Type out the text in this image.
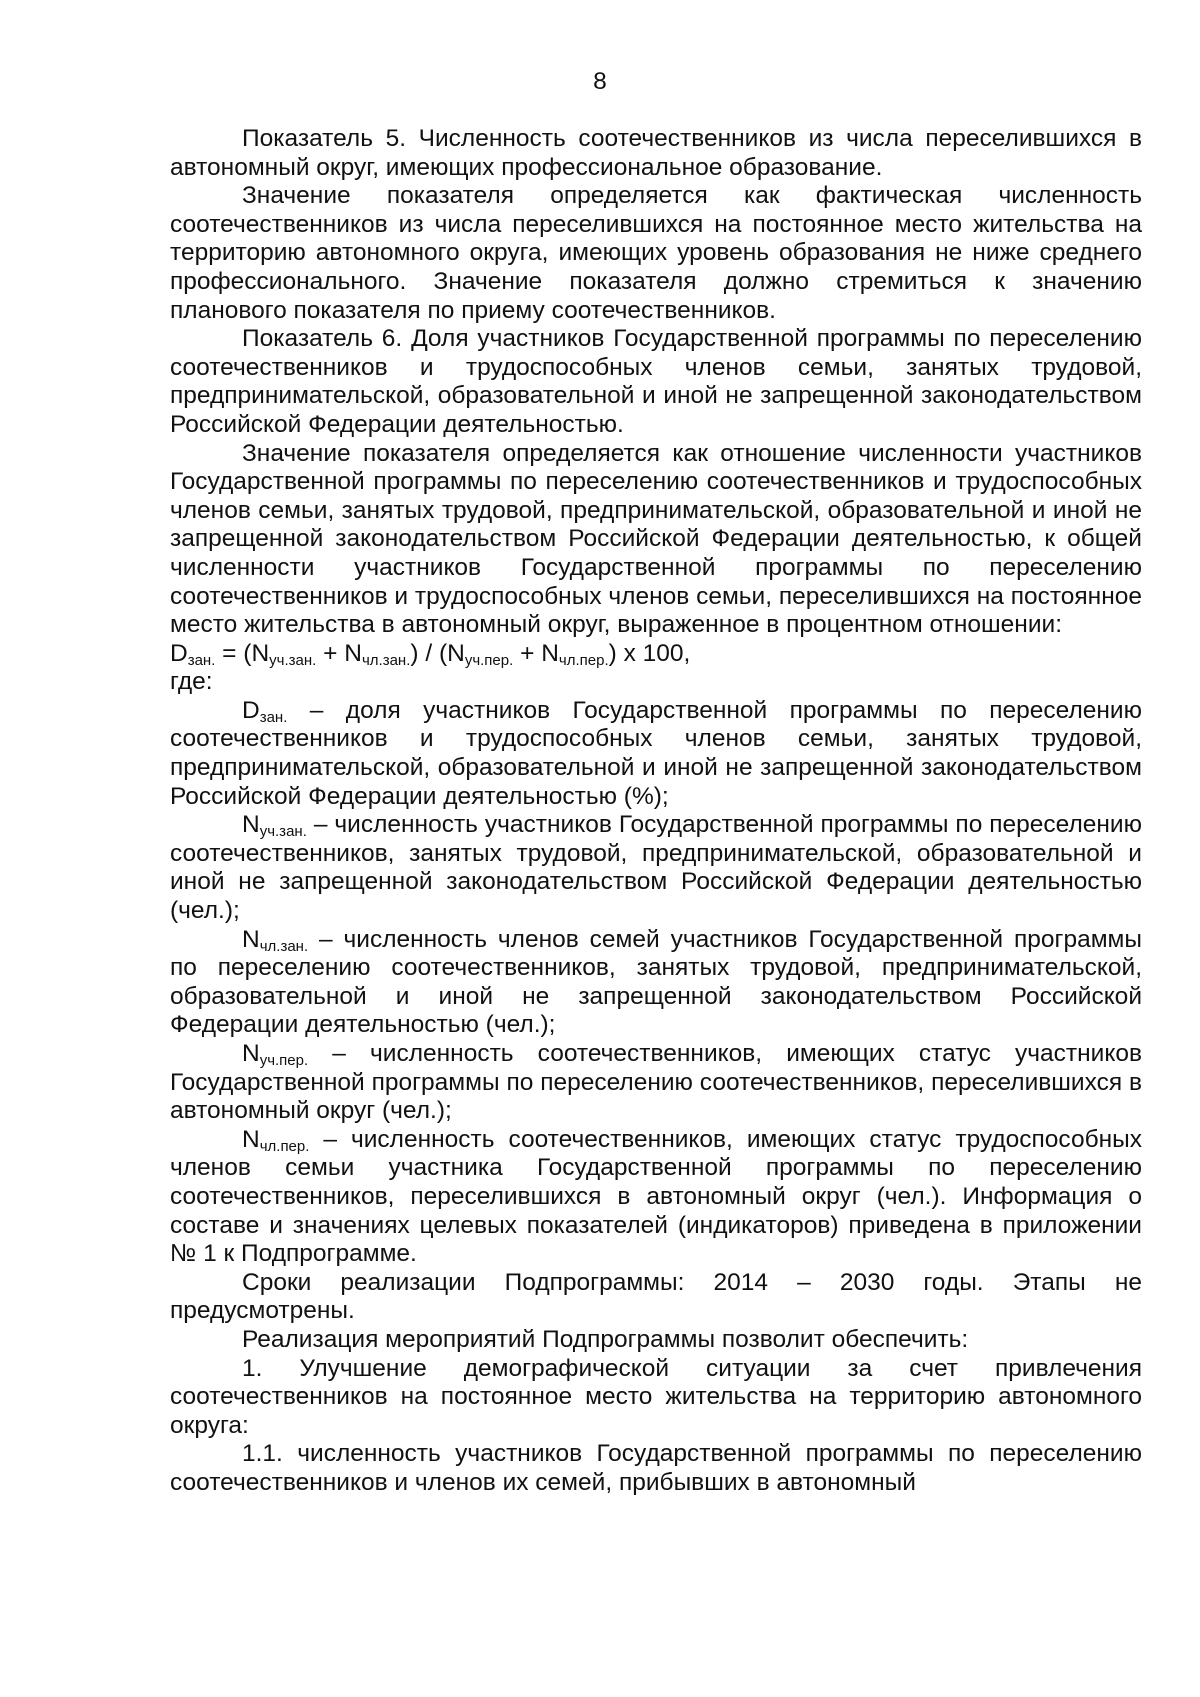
8

Показатель 5. Численность соотечественников из числа переселившихся в автономный округ, имеющих профессиональное образование.

Значение показателя определяется как фактическая численность соотечественников из числа переселившихся на постоянное место жительства на территорию автономного округа, имеющих уровень образования не ниже среднего профессионального. Значение показателя должно стремиться к значению планового показателя по приему соотечественников.

Показатель 6. Доля участников Государственной программы по переселению соотечественников и трудоспособных членов семьи, занятых трудовой, предпринимательской, образовательной и иной не запрещенной законодательством Российской Федерации деятельностью.

Значение показателя определяется как отношение численности участников Государственной программы по переселению соотечественников и трудоспособных членов семьи, занятых трудовой, предпринимательской, образовательной и иной не запрещенной законодательством Российской Федерации деятельностью, к общей численности участников Государственной программы по переселению соотечественников и трудоспособных членов семьи, переселившихся на постоянное место жительства в автономный округ, выраженное в процентном отношении:

$D_{зан.} = (N_{уч.зан.} + N_{чл.зан.}) / (N_{уч.пер.} + N_{чл.пер.})$ x 100,

где:

$D_{зан.}$ – доля участников Государственной программы по переселению соотечественников и трудоспособных членов семьи, занятых трудовой, предпринимательской, образовательной и иной не запрещенной законодательством Российской Федерации деятельностью (%);

$N_{уч.зан.}$ – численность участников Государственной программы по переселению соотечественников, занятых трудовой, предпринимательской, образовательной и иной не запрещенной законодательством Российской Федерации деятельностью (чел.);

$N_{чл.зан.}$ – численность членов семей участников Государственной программы по переселению соотечественников, занятых трудовой, предпринимательской, образовательной и иной не запрещенной законодательством Российской Федерации деятельностью (чел.);

$N_{уч.пер.}$ – численность соотечественников, имеющих статус участников Государственной программы по переселению соотечественников, переселившихся в автономный округ (чел.);

$N_{чл.пер.}$ – численность соотечественников, имеющих статус трудоспособных членов семьи участника Государственной программы по переселению соотечественников, переселившихся в автономный округ (чел.). Информация о составе и значениях целевых показателей (индикаторов) приведена в приложении № 1 к Подпрограмме.

Сроки реализации Подпрограммы: 2014 – 2030 годы. Этапы не предусмотрены.

Реализация мероприятий Подпрограммы позволит обеспечить:

1. Улучшение демографической ситуации за счет привлечения соотечественников на постоянное место жительства на территорию автономного округа:

1.1. численность участников Государственной программы по переселению соотечественников и членов их семей, прибывших в автономный
